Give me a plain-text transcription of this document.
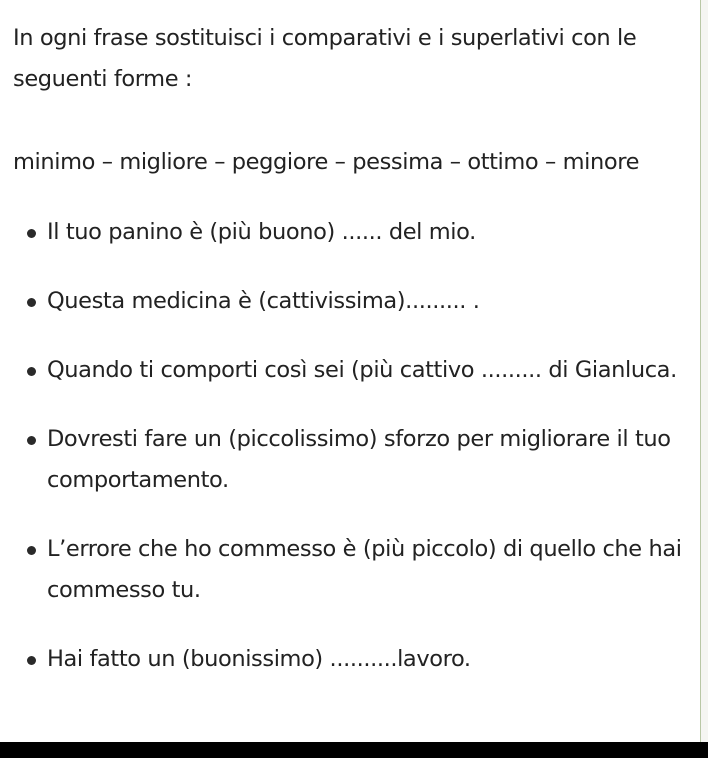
In ogni frase sostituisci i comparativi e i superlativi con le seguenti forme :

minimo – migliore – peggiore – pessima – ottimo – minore

Il tuo panino è (più buono) ...... del mio.
Questa medicina è (cattivissima)......... .
Quando ti comporti così sei (più cattivo ......... di Gianluca.
Dovresti fare un (piccolissimo) sforzo per migliorare il tuo comportamento.
L’errore che ho commesso è (più piccolo) di quello che hai commesso tu.
Hai fatto un (buonissimo) ..........lavoro.
